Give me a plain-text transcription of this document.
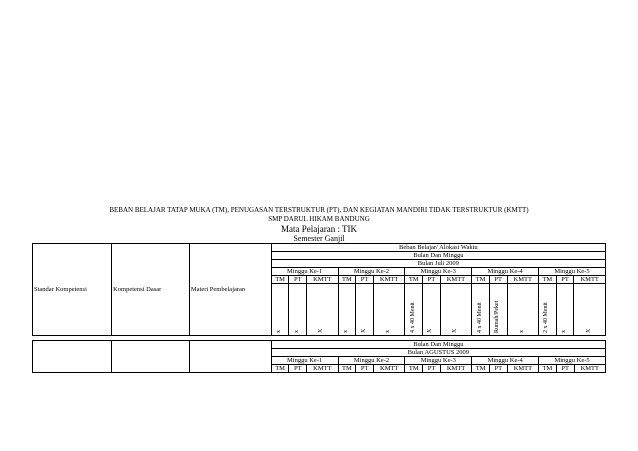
BEBAN BELAJAR TATAP MUKA (TM), PENUGASAN TERSTRUKTUR (PT), DAN KEGIATAN MANDIRI TIDAK TERSTRUKTUR (KMTT)
SMP DARUL HIKAM BANDUNG
Mata Pelajaran : TIK
Semester Ganjil
Standar Kompetensi	Kompetensi Dasar	Materi Pembelajaran	Beban Belajar/ Alokasi Waktu														
			Bulan Dan Minggu														
			Bulan Juli 2009														
			Minggu Ke-1			Minggu Ke-2			Minggu Ke-3			Minggu Ke-4			Minggu Ke-5		
			TM	PT	KMTT	TM	PT	KMTT	TM	PT	KMTT	TM	PT	KMTT	TM	PT	KMTT

			x	x	X	x	X	x	4 x 40 Menit	X	X	4 x 40 Menit	Rumah/Peket	x	2 x 40 Menit	x	X
			Bulan Dan Minggu														
			Bulan AGUSTUS 2009														
			Minggu Ke-1			Minggu Ke-2			Minggu Ke-3			Minggu Ke-4			Minggu Ke-5		
			TM	PT	KMTT	TM	PT	KMTT	TM	PT	KMTT	TM	PT	KMTT	TM	PT	KMTT
